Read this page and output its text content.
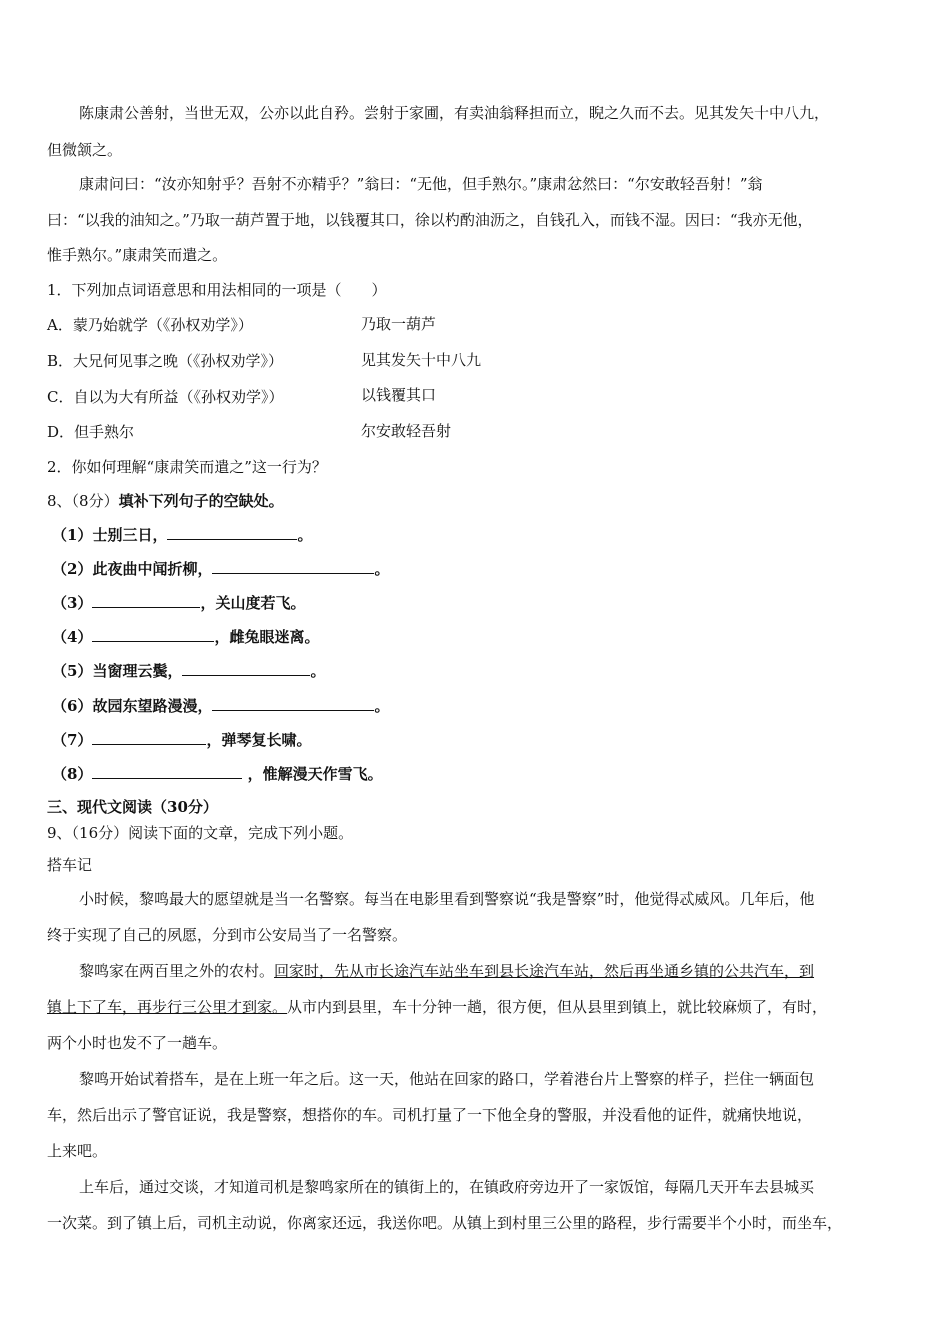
陈康肃公善射，当世无双，公亦以此自矜。尝射于家圃，有卖油翁释担而立，睨之久而不去。见其发矢十中八九，
但微颔之。
康肃问曰：“汝亦知射乎？吾射不亦精乎？”翁曰：“无他，但手熟尔。”康肃忿然曰：“尔安敢轻吾射！”翁
曰：“以我的油知之。”乃取一葫芦置于地，以钱覆其口，徐以杓酌油沥之，自钱孔入，而钱不湿。因曰：“我亦无他，
惟手熟尔。”康肃笑而遣之。
1．下列加点词语意思和用法相同的一项是（　　）
A．蒙乃始就学（《孙权劝学》）	乃取一葫芦
B．大兄何见事之晚（《孙权劝学》）	见其发矢十中八九
C．自以为大有所益（《孙权劝学》）	以钱覆其口
D．但手熟尔	尔安敢轻吾射
2．你如何理解“康肃笑而遣之”这一行为？
8、（8分）填补下列句子的空缺处。
（1）士别三日，	。
（2）此夜曲中闻折柳，	。
（3）	，关山度若飞。
（4）	，雌兔眼迷离。
（5）当窗理云鬓，	。
（6）故园东望路漫漫，	。
（7）	，弹琴复长啸。
（8）	，惟解漫天作雪飞。
三、现代文阅读（30分）
9、（16分）阅读下面的文章，完成下列小题。
搭车记
小时候，黎鸣最大的愿望就是当一名警察。每当在电影里看到警察说“我是警察”时，他觉得忒威风。几年后，他
终于实现了自己的夙愿，分到市公安局当了一名警察。
黎鸣家在两百里之外的农村。回家时，先从市长途汽车站坐车到县长途汽车站，然后再坐通乡镇的公共汽车，到
镇上下了车，再步行三公里才到家。从市内到县里，车十分钟一趟，很方便，但从县里到镇上，就比较麻烦了，有时，
两个小时也发不了一趟车。
黎鸣开始试着搭车，是在上班一年之后。这一天，他站在回家的路口，学着港台片上警察的样子，拦住一辆面包
车，然后出示了警官证说，我是警察，想搭你的车。司机打量了一下他全身的警服，并没看他的证件，就痛快地说，
上来吧。
上车后，通过交谈，才知道司机是黎鸣家所在的镇街上的，在镇政府旁边开了一家饭馆，每隔几天开车去县城买
一次菜。到了镇上后，司机主动说，你离家还远，我送你吧。从镇上到村里三公里的路程，步行需要半个小时，而坐车，
